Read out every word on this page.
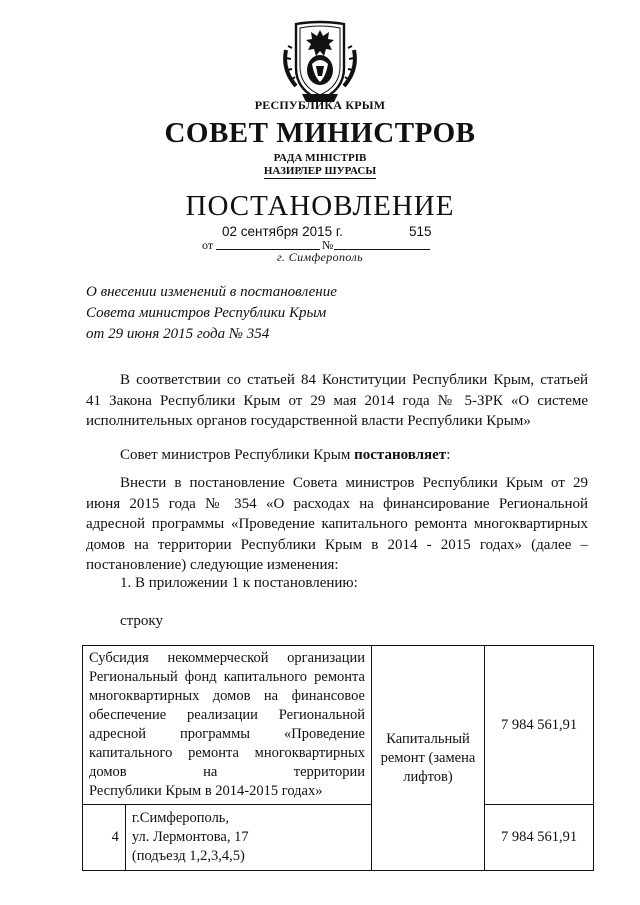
РЕСПУБЛИКА КРЫМ
СОВЕТ МИНИСТРОВ
РАДА МІНІСТРІВ
НАЗИРЛЕР ШУРАСЫ
ПОСТАНОВЛЕНИЕ
от	№
02 сентября 2015 г.	515
г. Симферополь
О внесении изменений в постановление
Совета министров Республики Крым
от 29 июня 2015 года № 354
В соответствии со статьей 84 Конституции Республики Крым, статьей 41 Закона Республики Крым от 29 мая 2014 года № 5-ЗРК «О системе исполнительных органов государственной власти Республики Крым»
Совет министров Республики Крым постановляет:
Внести в постановление Совета министров Республики Крым от 29 июня 2015 года № 354 «О расходах на финансирование Региональной адресной программы «Проведение капитального ремонта многоквартирных домов на территории Республики Крым в 2014 - 2015 годах» (далее – постановление) следующие изменения:
1. В приложении 1 к постановлению:
строку
Субсидия некоммерческой организации Региональный фонд капитального ремонта многоквартирных домов на финансовое обеспечение реализации Региональной адресной программы «Проведение капитального ремонта многоквартирных домов на территории
Республики Крым в 2014-2015 годах»		Капитальный ремонт (замена лифтов)	7 984 561,91
4	г.Симферополь,
ул. Лермонтова, 17
(подъезд 1,2,3,4,5)		7 984 561,91
